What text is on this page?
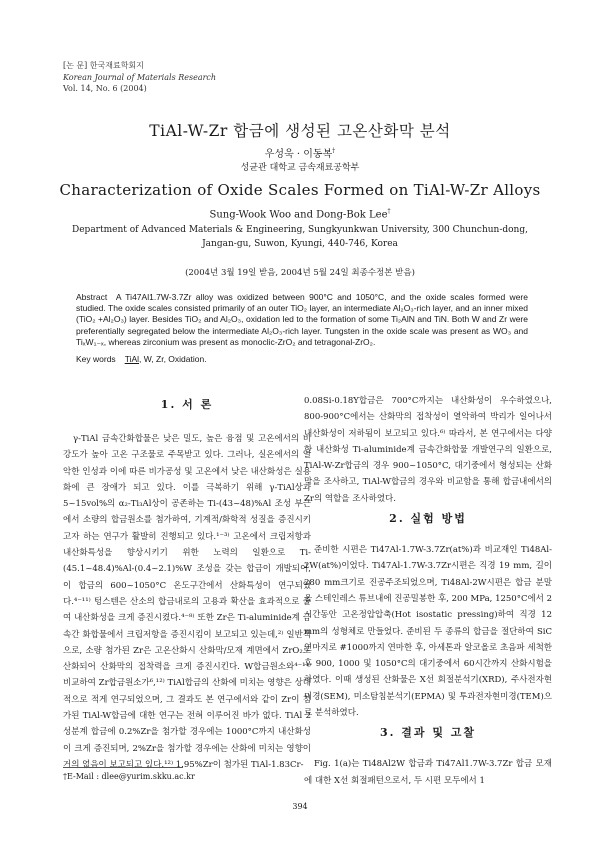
[논 문] 한국재료학회지
Korean Journal of Materials Research
Vol. 14, No. 6 (2004)
TiAl-W-Zr 합금에 생성된 고온산화막 분석
우성욱 · 이동복†
성균관 대학교 금속재료공학부
Characterization of Oxide Scales Formed on TiAl-W-Zr Alloys
Sung-Wook Woo and Dong-Bok Lee†
Department of Advanced Materials & Engineering, Sungkyunkwan University, 300 Chunchun-dong, Jangan-gu, Suwon, Kyungi, 440-746, Korea
(2004년 3월 19일 받음, 2004년 5월 24일 최종수정본 받음)
Abstract A Ti47Al1.7W-3.7Zr alloy was oxidized between 900°C and 1050°C, and the oxide scales formed were studied. The oxide scales consisted primarily of an outer TiO₂ layer, an intermediate Al₂O₃-rich layer, and an inner mixed (TiO₂ +Al₂O₃) layer. Besides TiO₂ and Al₂O₃, oxidation led to the formation of some Ti₂AlN and TiN. Both W and Zr were preferentially segregated below the intermediate Al₂O₃-rich layer. Tungsten in the oxide scale was present as WO₃ and TiₓW₁₋ₓ, whereas zirconium was present as monoclic-ZrO₂ and tetragonal-ZrO₂.
Key words TiAl, W, Zr, Oxidation.
1. 서 론

γ-TiAl 금속간화합물은 낮은 밀도, 높은 융점 및 고온에서의 비강도가 높아 고온 구조물로 주목받고 있다. 그러나, 실온에서의 열악한 인성과 이에 따른 비가공성 및 고온에서 낮은 내산화성은 실용화에 큰 장애가 되고 있다. 이를 극복하기 위해 γ-TiAl상과 5~15vol%의 α₂-Ti₃Al상이 공존하는 Ti-(43~48)%Al 조성 부근에서 소량의 합금원소를 첨가하여, 기계적/화학적 성질을 증진시키고자 하는 연구가 활발히 진행되고 있다.¹⁻³⁾ 고온에서 크립저항과 내산화특성을 향상시키기 위한 노력의 일환으로 Ti-(45.1~48.4)%Al-(0.4~2.1)%W 조성을 갖는 합금이 개발되어, 이 합금의 600~1050°C 온도구간에서 산화특성이 연구되었다.⁴⁻¹¹⁾ 텅스텐은 산소의 합금내로의 고용과 확산을 효과적으로 줄여 내산화성을 크게 증진시켰다.⁴⁻⁸⁾ 또한 Zr은 Ti-aluminide계 금속간 화합물에서 크립저항을 증진시킴이 보고되고 있는데,²⁾ 일반적으로, 소량 첨가된 Zr은 고온산화시 산화막/모재 계면에서 ZrO₂로 산화되어 산화막의 접착력을 크게 증진시킨다. W합금원소와⁴⁻¹¹⁾ 비교하여 Zr합금원소가⁶,¹²⁾ TiAl합금의 산화에 미치는 영향은 상대적으로 적게 연구되었으며, 그 결과도 본 연구에서와 같이 Zr이 첨가된 TiAl-W합금에 대한 연구는 전혀 이루어진 바가 없다. TiAl 2성분계 합금에 0.2%Zr을 첨가할 경우에는 1000°C까지 내산화성이 크게 증진되며, 2%Zr을 첨가할 경우에는 산화에 미치는 영향이 거의 없음이 보고되고 있다.¹²⁾ 1.95%Zr이 첨가된 TiAl-1.83Cr-

0.08Si-0.18Y합금은 700°C까지는 내산화성이 우수하였으나, 800-900°C에서는 산화막의 접착성이 열악하여 박리가 일어나서 내산화성이 저하됨이 보고되고 있다.⁶⁾ 따라서, 본 연구에서는 다양한 내산화성 Ti-aluminide계 금속간화합물 개발연구의 일환으로, TiAl-W-Zr합금의 경우 900~1050°C, 대기중에서 형성되는 산화막을 조사하고, TiAl-W합금의 경우와 비교함을 통해 합금내에서의 Zr의 역할을 조사하였다.

2. 실험 방법

준비한 시편은 Ti47Al-1.7W-3.7Zr(at%)과 비교재인 Ti48Al-2W(at%)이었다. Ti47Al-1.7W-3.7Zr시편은 직경 19 mm, 길이 280 mm크기로 진공주조되었으며, Ti48Al-2W시편은 합금 분말을 스테인레스 튜브내에 진공밀봉한 후, 200 MPa, 1250°C에서 2시간동안 고온정압압축(Hot isostatic pressing)하여 직경 12 mm의 성형체로 만들었다. 준비된 두 종류의 합금을 절단하여 SiC 연마지로 #1000까지 연마한 후, 아세톤과 알코올로 초음파 세척한 후 900, 1000 및 1050°C의 대기중에서 60시간까지 산화시험을 하였다. 이때 생성된 산화물은 X선 회절분석기(XRD), 주사전자현미경(SEM), 미소탐침분석기(EPMA) 및 투과전자현미경(TEM)으로 분석하였다.

3. 결과 및 고찰

Fig. 1(a)는 Ti48Al2W 합금과 Ti47Al1.7W-3.7Zr 합금 모재에 대한 X선 회절패턴으로서, 두 시편 모두에서 1

†E-Mail : dlee@yurim.skku.ac.kr
394
